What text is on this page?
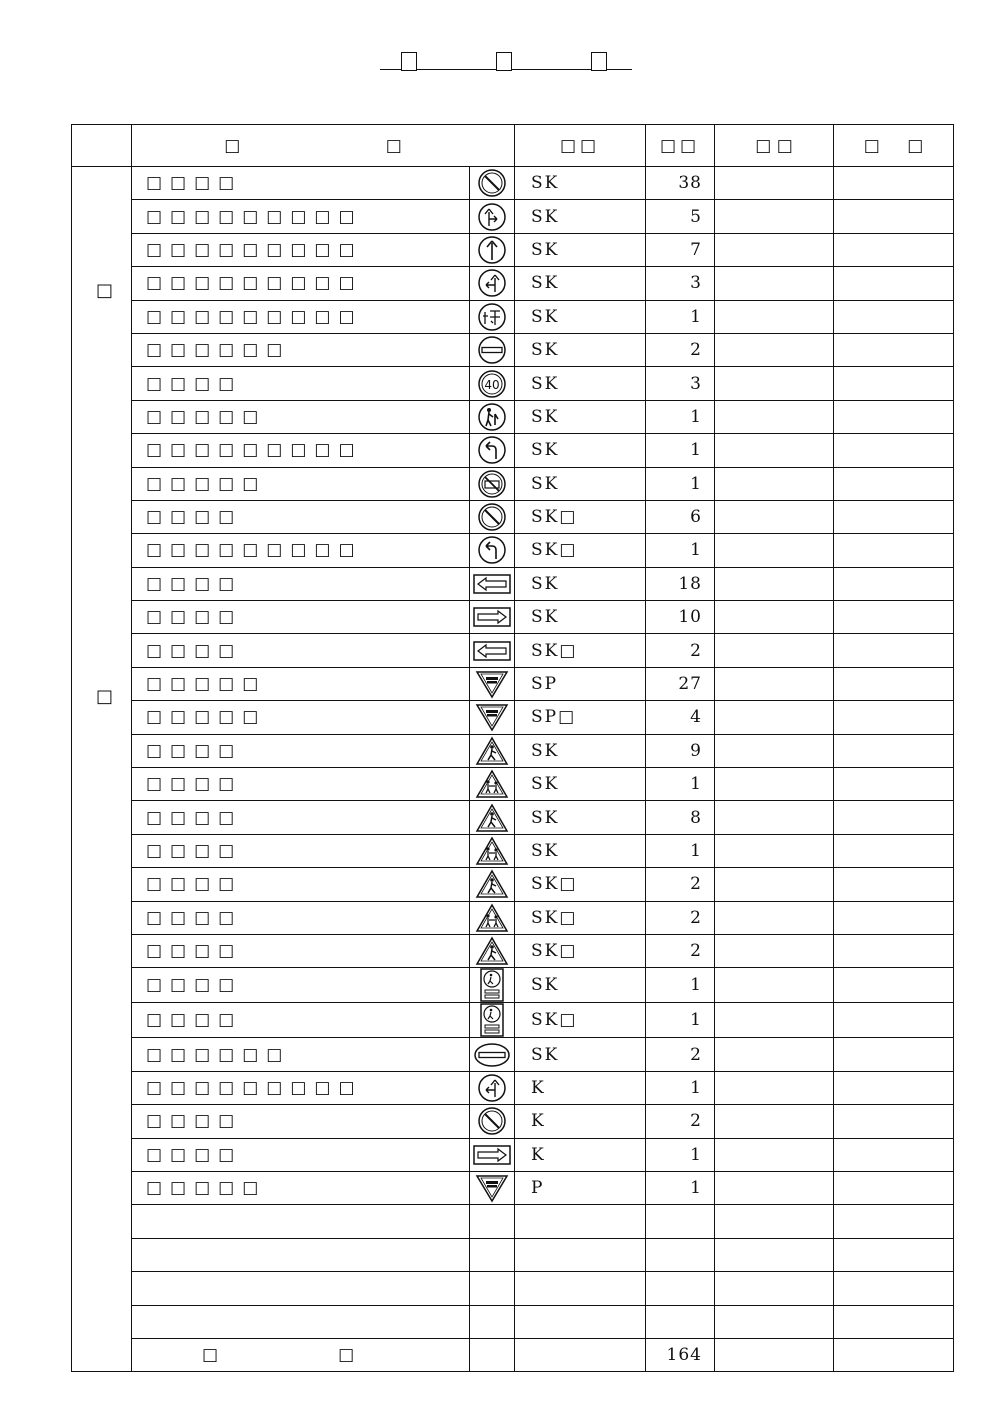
	□ □		□□	□□	□ □	□ □
	□□□□		SK	38		
	□□□□□□□□□		SK	5		
	□□□□□□□□□		SK	7		
	□□□□□□□□□		SK	3		
	□□□□□□□□□		SK	1		
	□□□□□□		SK	2		
	□□□□	40	SK	3		
	□□□□□		SK	1		
	□□□□□□□□□		SK	1		
	□□□□□		SK	1		
	□□□□		SK□	6		
	□□□□□□□□□		SK□	1		
	□□□□		SK	18		
	□□□□		SK	10		
	□□□□		SK□	2		
	□□□□□		SP	27		
	□□□□□		SP□	4		
	□□□□		SK	9		
	□□□□		SK	1		
	□□□□		SK	8		
	□□□□		SK	1		
	□□□□		SK□	2		
	□□□□		SK□	2		
	□□□□		SK□	2		
	□□□□		SK	1		
	□□□□		SK□	1		
	□□□□□□		SK	2		
	□□□□□□□□□		K	1		
	□□□□		K	2		
	□□□□		K	1		
	□□□□□		P	1		

	□ □			164		
□
□
